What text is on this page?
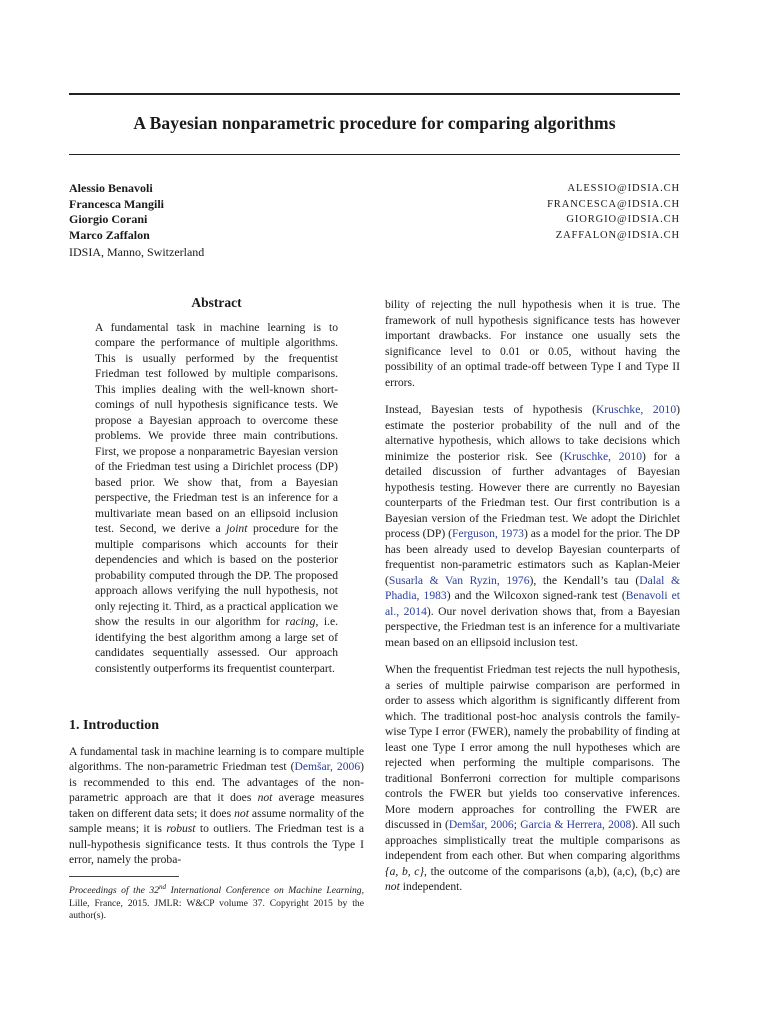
A Bayesian nonparametric procedure for comparing algorithms
Alessio Benavoli
Francesca Mangili
Giorgio Corani
Marco Zaffalon
IDSIA, Manno, Switzerland
ALESSIO@IDSIA.CH
FRANCESCA@IDSIA.CH
GIORGIO@IDSIA.CH
ZAFFALON@IDSIA.CH
Abstract

A fundamental task in machine learning is to compare the performance of multiple algorithms. This is usually performed by the frequentist Friedman test followed by multiple comparisons. This implies dealing with the well-known short-comings of null hypothesis significance tests. We propose a Bayesian approach to overcome these problems. We provide three main contributions. First, we propose a nonparametric Bayesian version of the Friedman test using a Dirichlet process (DP) based prior. We show that, from a Bayesian perspective, the Friedman test is an inference for a multivariate mean based on an ellipsoid inclusion test. Second, we derive a joint procedure for the multiple comparisons which accounts for their dependencies and which is based on the posterior probability computed through the DP. The proposed approach allows verifying the null hypothesis, not only rejecting it. Third, as a practical application we show the results in our algorithm for racing, i.e. identifying the best algorithm among a large set of candidates sequentially assessed. Our approach consistently outperforms its frequentist counterpart.

1. Introduction

A fundamental task in machine learning is to compare multiple algorithms. The non-parametric Friedman test (Demšar, 2006) is recommended to this end. The advantages of the non-parametric approach are that it does not average measures taken on different data sets; it does not assume normality of the sample means; it is robust to outliers. The Friedman test is a null-hypothesis significance tests. It thus controls the Type I error, namely the proba-

bility of rejecting the null hypothesis when it is true. The framework of null hypothesis significance tests has however important drawbacks. For instance one usually sets the significance level to 0.01 or 0.05, without having the possibility of an optimal trade-off between Type I and Type II errors.

Instead, Bayesian tests of hypothesis (Kruschke, 2010) estimate the posterior probability of the null and of the alternative hypothesis, which allows to take decisions which minimize the posterior risk. See (Kruschke, 2010) for a detailed discussion of further advantages of Bayesian hypothesis testing. However there are currently no Bayesian counterparts of the Friedman test. Our first contribution is a Bayesian version of the Friedman test. We adopt the Dirichlet process (DP) (Ferguson, 1973) as a model for the prior. The DP has been already used to develop Bayesian counterparts of frequentist non-parametric estimators such as Kaplan-Meier (Susarla & Van Ryzin, 1976), the Kendall’s tau (Dalal & Phadia, 1983) and the Wilcoxon signed-rank test (Benavoli et al., 2014). Our novel derivation shows that, from a Bayesian perspective, the Friedman test is an inference for a multivariate mean based on an ellipsoid inclusion test.

When the frequentist Friedman test rejects the null hypothesis, a series of multiple pairwise comparison are performed in order to assess which algorithm is significantly different from which. The traditional post-hoc analysis controls the family-wise Type I error (FWER), namely the probability of finding at least one Type I error among the null hypotheses which are rejected when performing the multiple comparisons. The traditional Bonferroni correction for multiple comparisons controls the FWER but yields too conservative inferences. More modern approaches for controlling the FWER are discussed in (Demšar, 2006; Garcia & Herrera, 2008). All such approaches simplistically treat the multiple comparisons as independent from each other. But when comparing algorithms {a, b, c}, the outcome of the comparisons (a,b), (a,c), (b,c) are not independent.

Proceedings of the 32nd International Conference on Machine Learning, Lille, France, 2015. JMLR: W&CP volume 37. Copyright 2015 by the author(s).
